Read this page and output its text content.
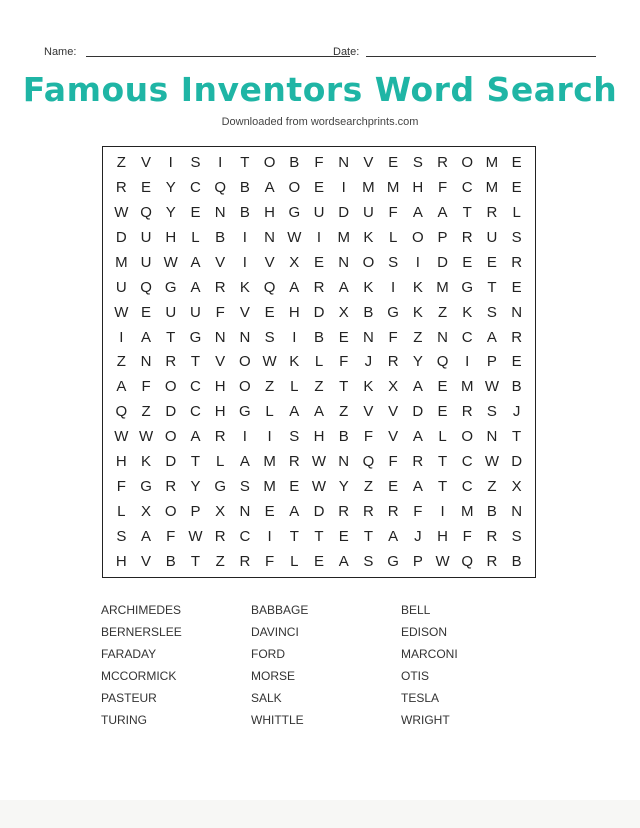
Name:	Date:
Famous Inventors Word Search
Downloaded from wordsearchprints.com
Z	V	I	S	I	T O B	F N V E S R O M E
R E Y C Q B A O E	I	M M H F C M E
W Q Y E N B H G U D U F	A A	T R	L
D U H	L	B	I	N W	I	M K	L O P R U S
M U W A V	I	V X E N O S	I	D E E R
U Q G A R K Q A R A K	I	K M G T	E
W E U U F	V E H D X B G K	Z	K S N
I	A	T G N N S	I	B E N F	Z N C A R
Z N R T	V O W K	L	F	J	R Y Q	I	P E
A	F O C H O Z	L	Z	T	K X A E M W B
Q Z D C H G L	A A	Z	V V D E R S	J
W W O A R	I	I	S H B	F	V A	L O N T
H K D T	L	A M R W N Q F R T C W D
F G R Y G S M E W Y	Z	E A	T C Z	X
L	X O P X N E A D R R R F	I	M B N
S A	F W R C	I	T	T	E	T	A	J	H F R S
H V B	T	Z R F	L	E A S G P W Q R B
ARCHIMEDES	BABBAGE	BELL
BERNERSLEE	DAVINCI	EDISON
FARADAY	FORD	MARCONI
MCCORMICK	MORSE	OTIS
PASTEUR	SALK	TESLA
TURING	WHITTLE	WRIGHT
